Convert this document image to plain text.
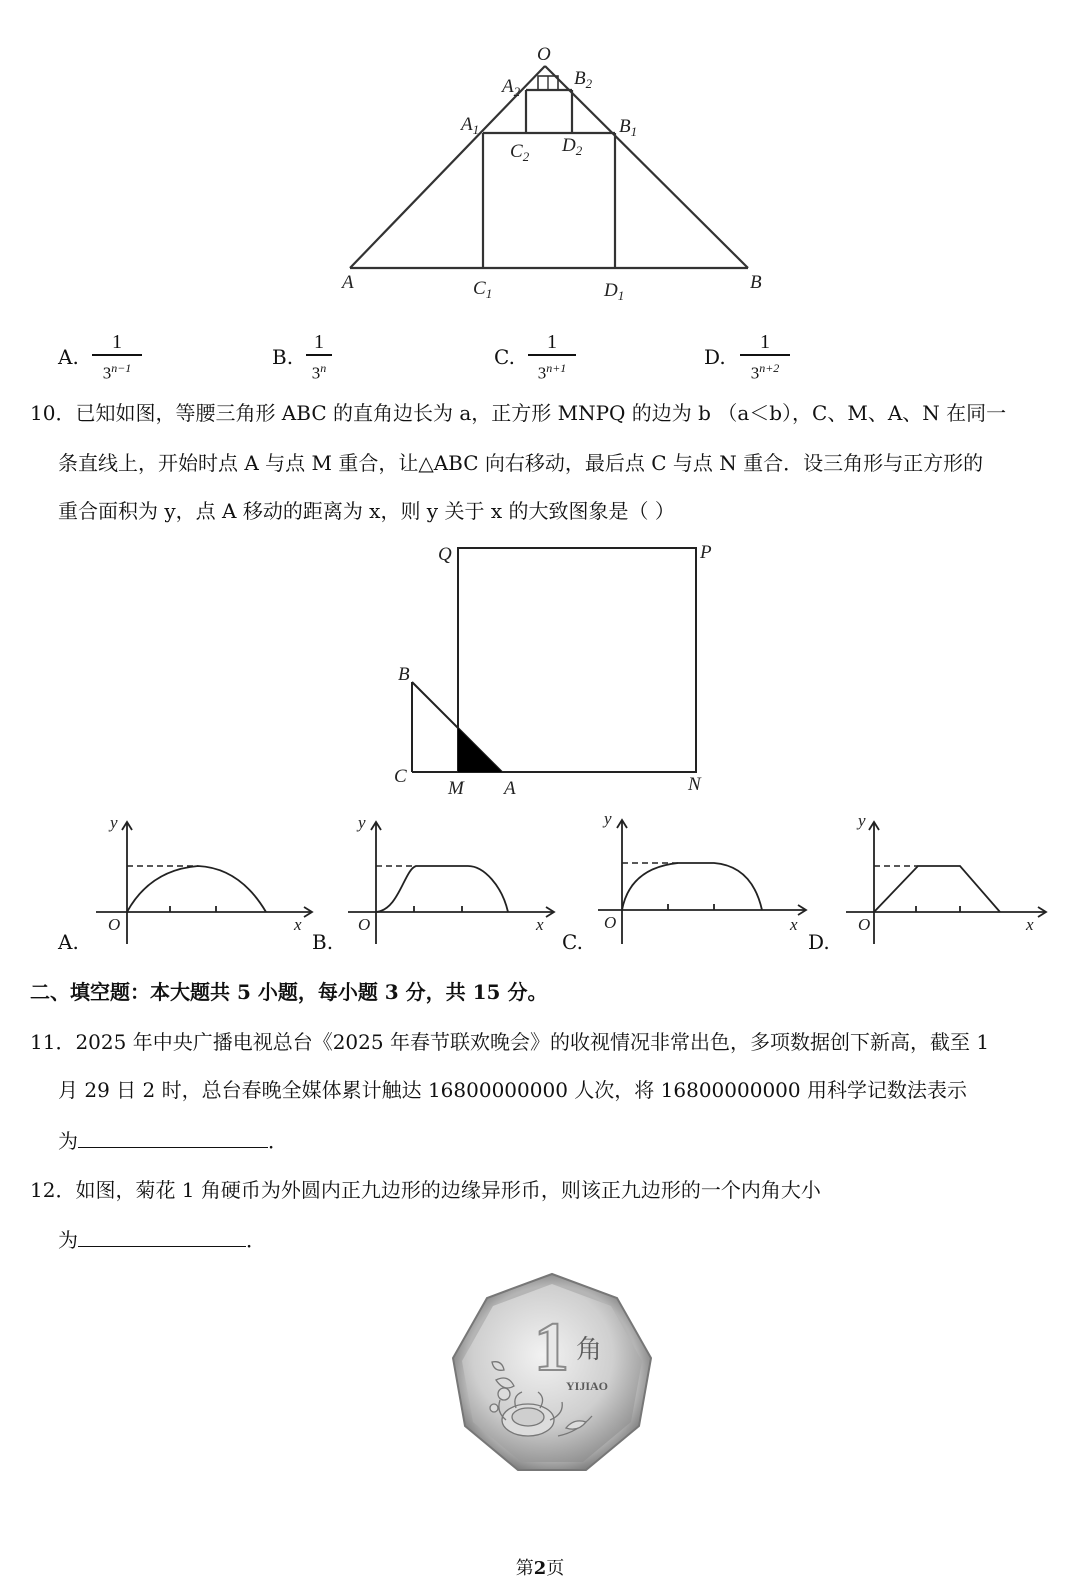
O
$A_2$
$B_2$
$A_1$	$B_1$
$C_2$
$D_2$
A	$C_1$	$D_1$
B
A.
1
$3^{n-1}$	B.
1
3$^n$	C.
1
$3^{n+1}$	D.
1
$3^{n+2}$
10．已知如图，等腰三角形 ABC 的直角边长为 a，正方形 MNPQ 的边为 b （a＜b），C、M、A、N 在同一
条直线上，开始时点 A 与点 M 重合，让△ABC 向右移动，最后点 C 与点 N 重合．设三角形与正方形的
重合面积为 y，点 A 移动的距离为 x，则 y 关于 x 的大致图象是（ ）
Q	P
B
C
M A	N
A.
y
x
O
B.
y
x
O
C.
y
x
O
D.
y
x
O
二、填空题：本大题共 5 小题，每小题 3 分，共 15 分。
11．2025 年中央广播电视总台《2025 年春节联欢晚会》的收视情况非常出色，多项数据创下新高，截至 1
月 29 日 2 时，总台春晚全媒体累计触达 16800000000 人次，将 16800000000 用科学记数法表示
为	．
12．如图，菊花 1 角硬币为外圆内正九边形的边缘异形币，则该正九边形的一个内角大小
为	．
1 角
YIJIAO
第2页
